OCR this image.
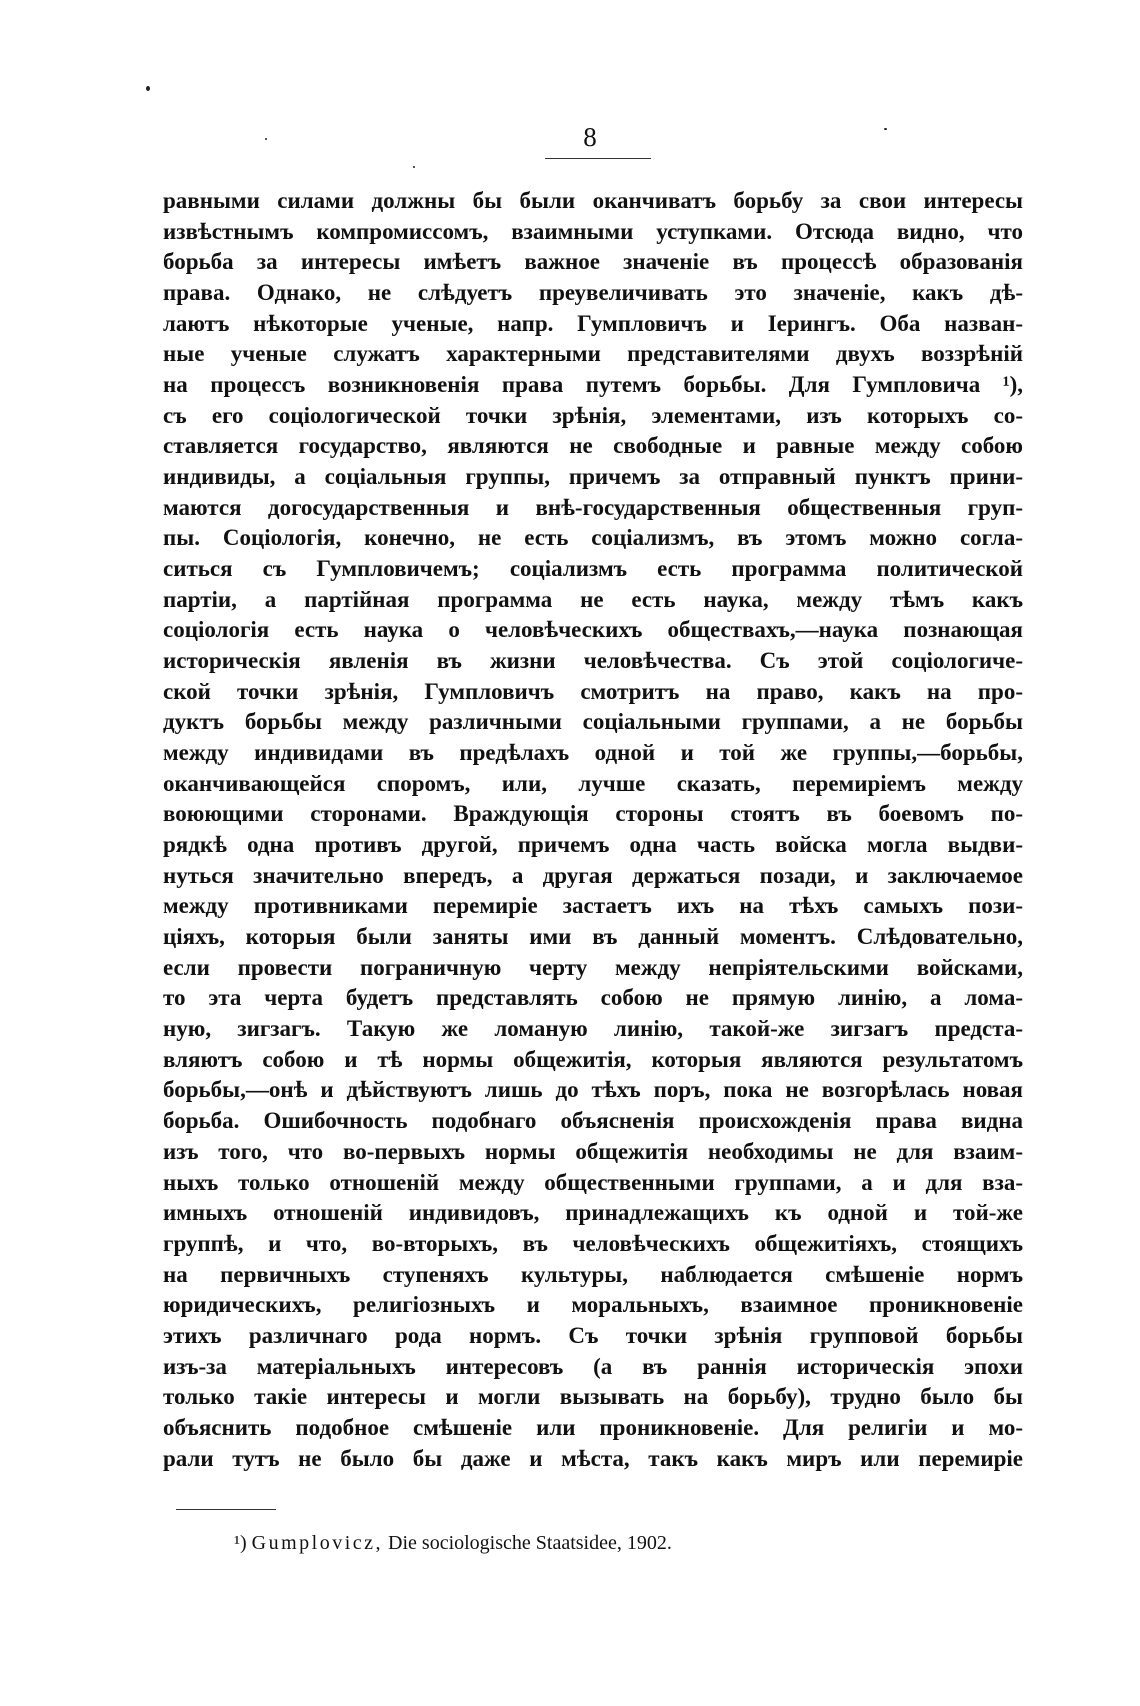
8
равными силами должны бы были оканчиватъ борьбу за свои интересы
извѣстнымъ компромиссомъ, взаимными уступками. Отсюда видно, что
борьба за интересы имѣетъ важное значенiе въ процессѣ образованiя
права. Однако, не слѣдуетъ преувеличивать это значенiе, какъ дѣ-
лаютъ нѣкоторые ученые, напр. Гумпловичъ и Iерингъ. Оба назван-
ные ученые служатъ характерными представителями двухъ воззрѣнiй
на процессъ возникновенiя права путемъ борьбы. Для Гумпловича ¹),
съ его соцiологической точки зрѣнiя, элементами, изъ которыхъ со-
ставляется государство, являются не свободные и равные между собою
индивиды, а соцiальныя группы, причемъ за отправный пунктъ прини-
маются догосударственныя и внѣ-государственныя общественныя груп-
пы. Соцiологiя, конечно, не есть соцiализмъ, въ этомъ можно согла-
ситься съ Гумпловичемъ; соцiализмъ есть программа политической
партiи, а партiйная программа не есть наука, между тѣмъ какъ
соцiологiя есть наука о человѣческихъ обществахъ,—наука познающая
историческiя явленiя въ жизни человѣчества. Съ этой соцiологиче-
ской точки зрѣнiя, Гумпловичъ смотритъ на право, какъ на про-
дуктъ борьбы между различными соцiальными группами, а не борьбы
между индивидами въ предѣлахъ одной и той же группы,—борьбы,
оканчивающейся споромъ, или, лучше сказать, перемирiемъ между
воюющими сторонами. Враждующiя стороны стоятъ въ боевомъ по-
рядкѣ одна противъ другой, причемъ одна часть войска могла выдви-
нуться значительно впередъ, а другая держаться позади, и заключаемое
между противниками перемирiе застаетъ ихъ на тѣхъ самыхъ пози-
цiяхъ, которыя были заняты ими въ данный моментъ. Слѣдовательно,
если провести пограничную черту между непрiятельскими войсками,
то эта черта будетъ представлять собою не прямую линiю, а лома-
ную, зигзагъ. Такую же ломаную линiю, такой-же зигзагъ предста-
вляютъ собою и тѣ нормы общежитiя, которыя являются результатомъ
борьбы,—онѣ и дѣйствуютъ лишь до тѣхъ поръ, пока не возгорѣлась новая
борьба. Ошибочность подобнаго объясненiя происхожденiя права видна
изъ того, что во-первыхъ нормы общежитiя необходимы не для взаим-
ныхъ только отношенiй между общественными группами, а и для вза-
имныхъ отношенiй индивидовъ, принадлежащихъ къ одной и той-же
группѣ, и что, во-вторыхъ, въ человѣческихъ общежитiяхъ, стоящихъ
на первичныхъ ступеняхъ культуры, наблюдается смѣшенiе нормъ
юридическихъ, религiозныхъ и моральныхъ, взаимное проникновенiе
этихъ различнаго рода нормъ. Съ точки зрѣнiя групповой борьбы
изъ-за матерiальныхъ интересовъ (а въ раннiя историческiя эпохи
только такiе интересы и могли вызывать на борьбу), трудно было бы
объяснить подобное смѣшенiе или проникновенiе. Для религiи и мо-
рали тутъ не было бы даже и мѣста, такъ какъ миръ или перемирiе
¹) Gumplovicz, Die sociologische Staatsidee, 1902.
